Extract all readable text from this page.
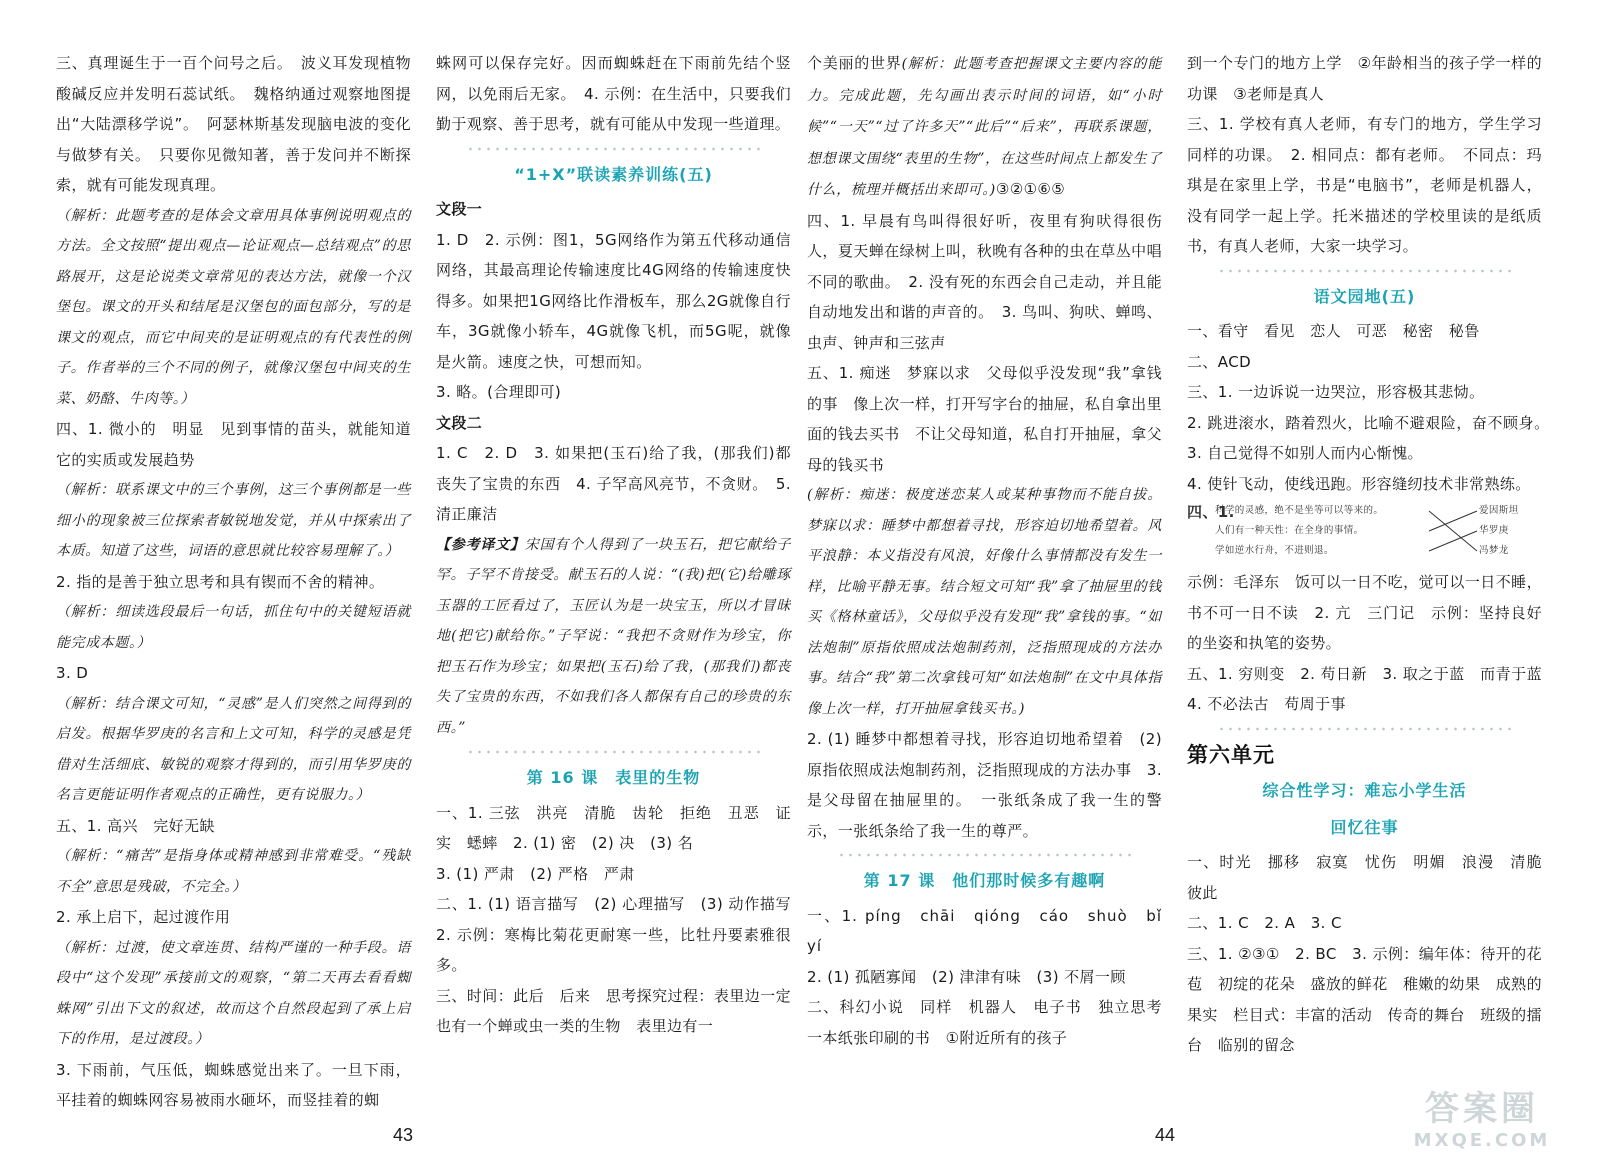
三、真理诞生于一百个问号之后。　波义耳发现植物酸碱反应并发明石蕊试纸。　魏格纳通过观察地图提出“大陆漂移学说”。　阿瑟林斯基发现脑电波的变化与做梦有关。　只要你见微知著，善于发问并不断探索，就有可能发现真理。

（解析：此题考查的是体会文章用具体事例说明观点的方法。全文按照“提出观点—论证观点—总结观点”的思路展开，这是论说类文章常见的表达方法，就像一个汉堡包。课文的开头和结尾是汉堡包的面包部分，写的是课文的观点，而它中间夹的是证明观点的有代表性的例子。作者举的三个不同的例子，就像汉堡包中间夹的生菜、奶酪、牛肉等。）

四、1. 微小的　明显　见到事情的苗头，就能知道它的实质或发展趋势

（解析：联系课文中的三个事例，这三个事例都是一些细小的现象被三位探索者敏锐地发觉，并从中探索出了本质。知道了这些，词语的意思就比较容易理解了。）

2. 指的是善于独立思考和具有锲而不舍的精神。

（解析：细读选段最后一句话，抓住句中的关键短语就能完成本题。）

3. D

（解析：结合课文可知，“灵感”是人们突然之间得到的启发。根据华罗庚的名言和上文可知，科学的灵感是凭借对生活细底、敏锐的观察才得到的，而引用华罗庚的名言更能证明作者观点的正确性，更有说服力。）

五、1. 高兴　完好无缺

（解析：“痛苦”是指身体或精神感到非常难受。“残缺不全”意思是残破，不完全。）

2. 承上启下，起过渡作用

（解析：过渡，使文章连贯、结构严谨的一种手段。语段中“这个发现”承接前文的观察，“第二天再去看看蜘蛛网”引出下文的叙述，故而这个自然段起到了承上启下的作用，是过渡段。）

3. 下雨前，气压低，蜘蛛感觉出来了。一旦下雨，平挂着的蜘蛛网容易被雨水砸坏，而竖挂着的蜘

蛛网可以保存完好。因而蜘蛛赶在下雨前先结个竖网，以免雨后无家。　4. 示例：在生活中，只要我们勤于观察、善于思考，就有可能从中发现一些道理。

“1+X”联读素养训练(五)

文段一

1. D　2. 示例：图1，5G网络作为第五代移动通信网络，其最高理论传输速度比4G网络的传输速度快得多。如果把1G网络比作滑板车，那么2G就像自行车，3G就像小轿车，4G就像飞机，而5G呢，就像是火箭。速度之快，可想而知。

3. 略。(合理即可)

文段二

1. C　2. D　3. 如果把(玉石)给了我，(那我们)都丧失了宝贵的东西　4. 子罕高风亮节，不贪财。　5. 清正廉洁

【参考译文】宋国有个人得到了一块玉石，把它献给子罕。子罕不肯接受。献玉石的人说：“(我)把(它)给雕琢玉器的工匠看过了，玉匠认为是一块宝玉，所以才冒昧地(把它)献给你。”子罕说：“我把不贪财作为珍宝，你把玉石作为珍宝；如果把(玉石)给了我，(那我们)都丧失了宝贵的东西，不如我们各人都保有自己的珍贵的东西。”

第 16 课　表里的生物

一、1. 三弦　洪亮　清脆　齿轮　拒绝　丑恶　证实　蟋蟀　2. (1) 密　(2) 决　(3) 名

3. (1) 严肃　(2) 严格　严肃

二、1. (1) 语言描写　(2) 心理描写　(3) 动作描写　2. 示例：寒梅比菊花更耐寒一些，比牡丹要素雅很多。

三、时间：此后　后来　思考探究过程：表里边一定也有一个蝉或虫一类的生物　表里边有一

43

个美丽的世界(解析：此题考查把握课文主要内容的能力。完成此题，先勾画出表示时间的词语，如“小时候”“一天”“过了许多天”“此后”“后来”，再联系课题，想想课文围绕“表里的生物”，在这些时间点上都发生了什么，梳理并概括出来即可。)③②①⑥⑤

四、1. 早晨有鸟叫得很好听，夜里有狗吠得很伤人，夏天蝉在绿树上叫，秋晚有各种的虫在草丛中唱不同的歌曲。　2. 没有死的东西会自己走动，并且能自动地发出和谐的声音的。　3. 鸟叫、狗吠、蝉鸣、虫声、钟声和三弦声

五、1. 痴迷　梦寐以求　父母似乎没发现“我”拿钱的事　像上次一样，打开写字台的抽屉，私自拿出里面的钱去买书　不让父母知道，私自打开抽屉，拿父母的钱买书

(解析：痴迷：极度迷恋某人或某种事物而不能自拔。梦寐以求：睡梦中都想着寻找，形容迫切地希望着。风平浪静：本义指没有风浪，好像什么事情都没有发生一样，比喻平静无事。结合短文可知“我”拿了抽屉里的钱买《格林童话》，父母似乎没有发现“我”拿钱的事。“如法炮制”原指依照成法炮制药剂，泛指照现成的方法办事。结合“我”第二次拿钱可知“如法炮制”在文中具体指像上次一样，打开抽屉拿钱买书。)

2. (1) 睡梦中都想着寻找，形容迫切地希望着　(2) 原指依照成法炮制药剂，泛指照现成的方法办事　3. 是父母留在抽屉里的。　一张纸条成了我一生的警示，一张纸条给了我一生的尊严。

第 17 课　他们那时候多有趣啊

一、1. píng　chāi　qióng　cáo　shuò　bǐ yí

2. (1) 孤陋寡闻　(2) 津津有味　(3) 不屑一顾

二、科幻小说　同样　机器人　电子书　独立思考　一本纸张印刷的书　①附近所有的孩子

到一个专门的地方上学　②年龄相当的孩子学一样的功课　③老师是真人

三、1. 学校有真人老师，有专门的地方，学生学习同样的功课。　2. 相同点：都有老师。　不同点：玛琪是在家里上学，书是“电脑书”，老师是机器人，没有同学一起上学。托米描述的学校里读的是纸质书，有真人老师，大家一块学习。

语文园地(五)

一、看守　看见　恋人　可恶　秘密　秘鲁

二、ACD

三、1. 一边诉说一边哭泣，形容极其悲恸。

2. 跳进滚水，踏着烈火，比喻不避艰险，奋不顾身。　3. 自己觉得不如别人而内心惭愧。

4. 使针飞动，使线迅跑。形容缝纫技术非常熟练。

四、1.
科学的灵感，绝不是坐等可以等来的。
人们有一种天性：在全身的事情。
学如逆水行舟，不进则退。
爱因斯坦
华罗庚
冯梦龙

示例：毛泽东　饭可以一日不吃，觉可以一日不睡，书不可一日不读　2. 亢　三门记　示例：坚持良好的坐姿和执笔的姿势。

五、1. 穷则变　2. 苟日新　3. 取之于蓝　而青于蓝　4. 不必法古　苟周于事

第六单元
综合性学习：难忘小学生活
回忆往事

一、时光　挪移　寂寞　忧伤　明媚　浪漫　清脆　彼此

二、1. C　2. A　3. C

三、1. ②③①　2. BC　3. 示例：编年体：待开的花苞　初绽的花朵　盛放的鲜花　稚嫩的幼果　成熟的果实　栏目式：丰富的活动　传奇的舞台　班级的擂台　临别的留念

44
答案圈
MXQE.COM
